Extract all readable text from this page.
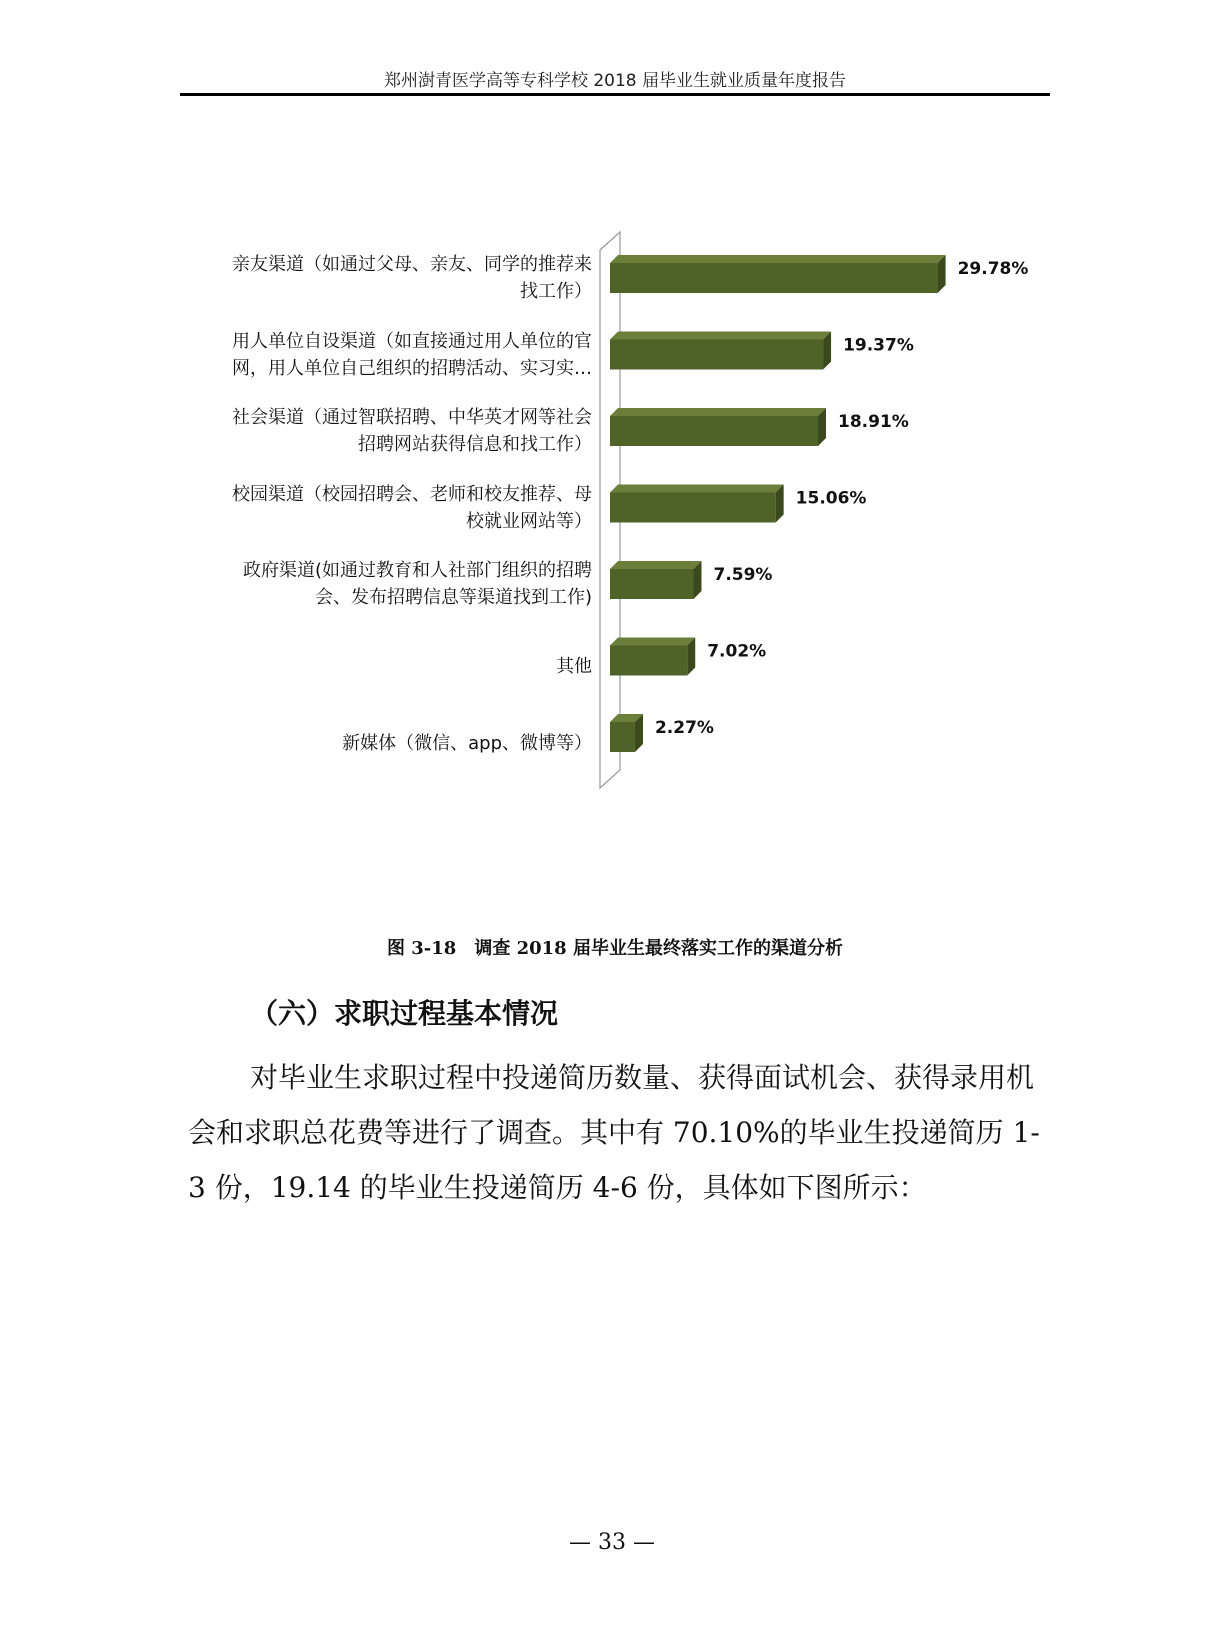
郑州澍青医学高等专科学校 2018 届毕业生就业质量年度报告
亲友渠道（如通过父母、亲友、同学的推荐来
找工作）
用人单位自设渠道（如直接通过用人单位的官
网，用人单位自己组织的招聘活动、实习实…
社会渠道（通过智联招聘、中华英才网等社会
招聘网站获得信息和找工作）
校园渠道（校园招聘会、老师和校友推荐、母
校就业网站等）
政府渠道(如通过教育和人社部门组织的招聘
会、发布招聘信息等渠道找到工作)
其他
新媒体（微信、app、微博等）
29.78%
19.37%
18.91%
15.06%
7.59%
7.02%
2.27%
图 3-18　调查 2018 届毕业生最终落实工作的渠道分析
（六）求职过程基本情况

对毕业生求职过程中投递简历数量、获得面试机会、获得录用机会和求职总花费等进行了调查。其中有 70.10%的毕业生投递简历 1-3 份，19.14 的毕业生投递简历 4-6 份，具体如下图所示：

— 33 —
